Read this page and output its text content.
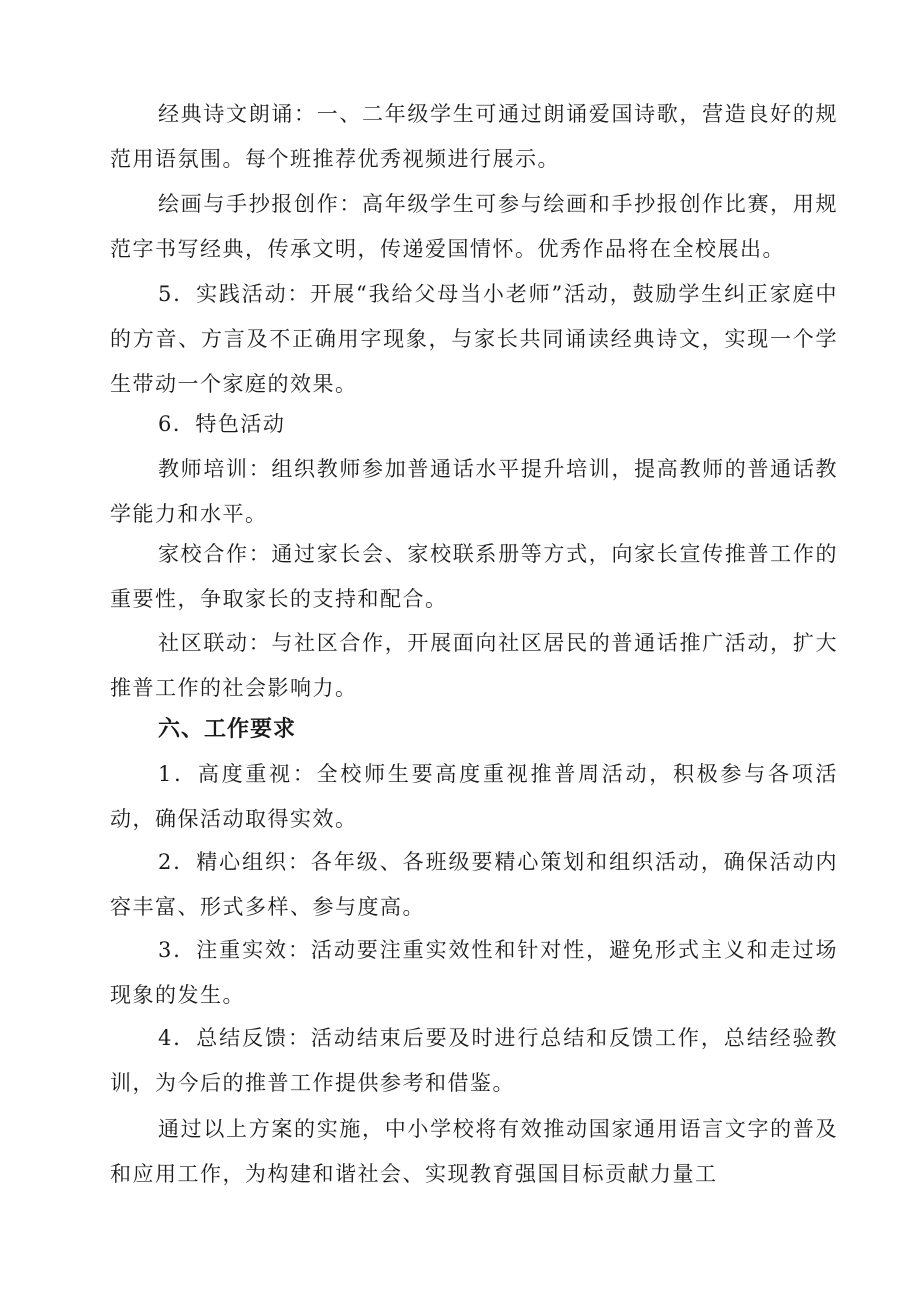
经典诗文朗诵：一、二年级学生可通过朗诵爱国诗歌，营造良好的规范用语氛围。每个班推荐优秀视频进行展示。

绘画与手抄报创作：高年级学生可参与绘画和手抄报创作比赛，用规范字书写经典，传承文明，传递爱国情怀。优秀作品将在全校展出。

5．实践活动：开展“我给父母当小老师”活动，鼓励学生纠正家庭中的方音、方言及不正确用字现象，与家长共同诵读经典诗文，实现一个学生带动一个家庭的效果。

6．特色活动

教师培训：组织教师参加普通话水平提升培训，提高教师的普通话教学能力和水平。

家校合作：通过家长会、家校联系册等方式，向家长宣传推普工作的重要性，争取家长的支持和配合。

社区联动：与社区合作，开展面向社区居民的普通话推广活动，扩大推普工作的社会影响力。

六、工作要求

1．高度重视：全校师生要高度重视推普周活动，积极参与各项活动，确保活动取得实效。

2．精心组织：各年级、各班级要精心策划和组织活动，确保活动内容丰富、形式多样、参与度高。

3．注重实效：活动要注重实效性和针对性，避免形式主义和走过场现象的发生。

4．总结反馈：活动结束后要及时进行总结和反馈工作，总结经验教训，为今后的推普工作提供参考和借鉴。

通过以上方案的实施，中小学校将有效推动国家通用语言文字的普及和应用工作，为构建和谐社会、实现教育强国目标贡献力量工
